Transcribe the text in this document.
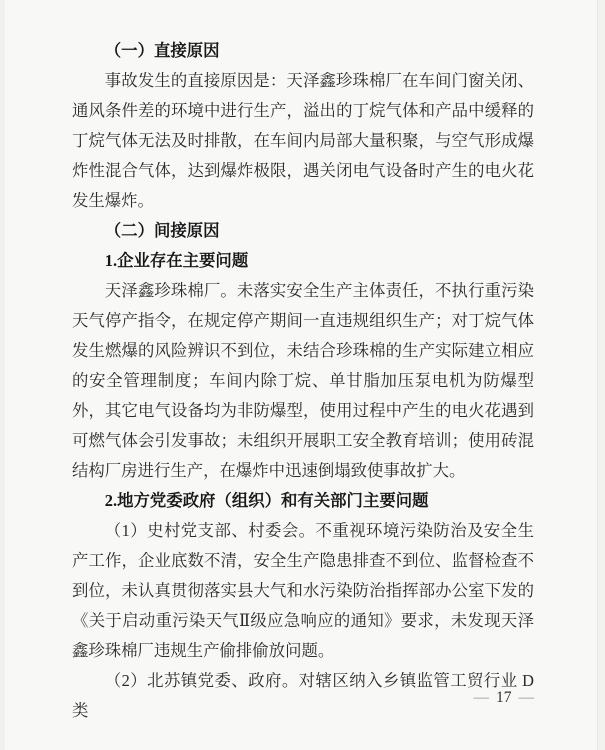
（一）直接原因

事故发生的直接原因是：天泽鑫珍珠棉厂在车间门窗关闭、通风条件差的环境中进行生产，溢出的丁烷气体和产品中缓释的丁烷气体无法及时排散，在车间内局部大量积聚，与空气形成爆炸性混合气体，达到爆炸极限，遇关闭电气设备时产生的电火花发生爆炸。

（二）间接原因
1.企业存在主要问题

天泽鑫珍珠棉厂。未落实安全生产主体责任，不执行重污染天气停产指令，在规定停产期间一直违规组织生产；对丁烷气体发生燃爆的风险辨识不到位，未结合珍珠棉的生产实际建立相应的安全管理制度；车间内除丁烷、单甘脂加压泵电机为防爆型外，其它电气设备均为非防爆型，使用过程中产生的电火花遇到可燃气体会引发事故；未组织开展职工安全教育培训；使用砖混结构厂房进行生产，在爆炸中迅速倒塌致使事故扩大。

2.地方党委政府（组织）和有关部门主要问题

（1）史村党支部、村委会。不重视环境污染防治及安全生产工作，企业底数不清，安全生产隐患排查不到位、监督检查不到位，未认真贯彻落实县大气和水污染防治指挥部办公室下发的《关于启动重污染天气Ⅱ级应急响应的通知》要求，未发现天泽鑫珍珠棉厂违规生产偷排偷放问题。

（2）北苏镇党委、政府。对辖区纳入乡镇监管工贸行业 D 类

— 17 —
